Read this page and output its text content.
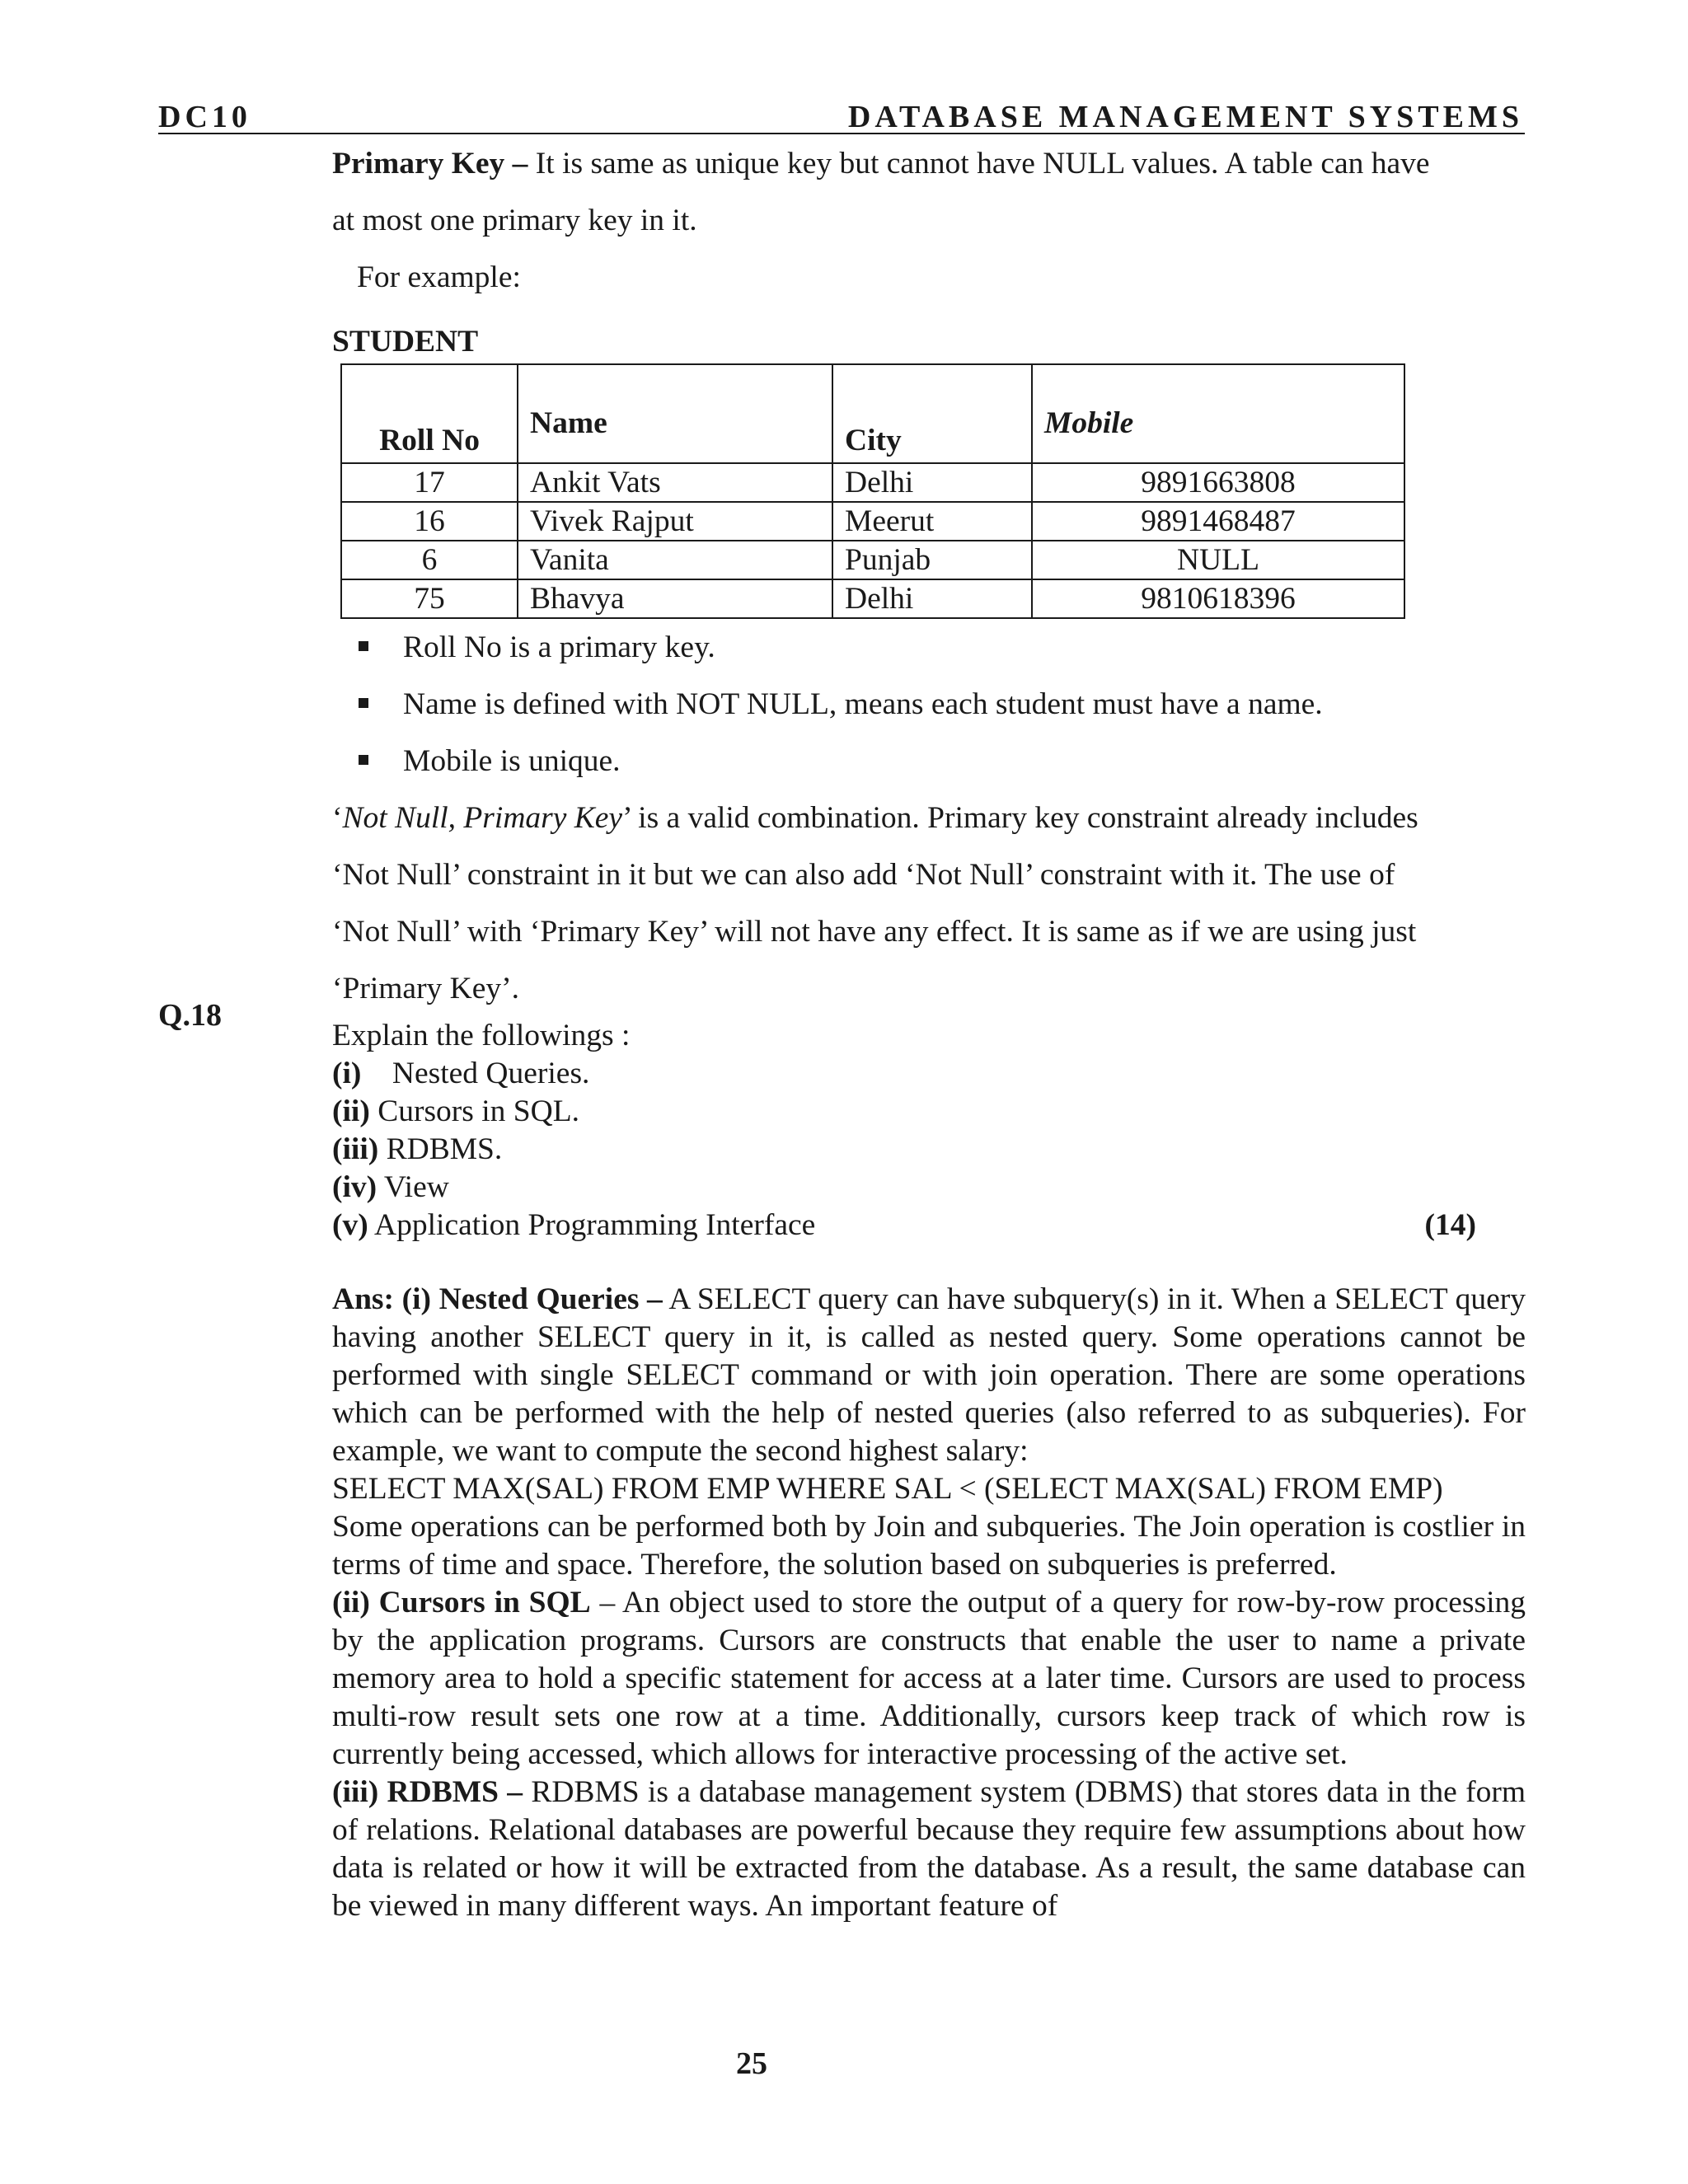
DC10	DATABASE MANAGEMENT SYSTEMS

Primary Key – It is same as unique key but cannot have NULL values. A table can have

at most one primary key in it.

For example:

STUDENT
Roll No	Name	City	Mobile
17	Ankit Vats	Delhi	9891663808
16	Vivek Rajput	Meerut	9891468487
6	Vanita	Punjab	NULL
75	Bhavya	Delhi	9810618396
Roll No is a primary key.
Name is defined with NOT NULL, means each student must have a name.
Mobile is unique.

‘Not Null, Primary Key’ is a valid combination. Primary key constraint already includes

‘Not Null’ constraint in it but we can also add ‘Not Null’ constraint with it. The use of

‘Not Null’ with ‘Primary Key’ will not have any effect. It is same as if we are using just

‘Primary Key’.

Explain the followings :
(i) Nested Queries.
(ii) Cursors in SQL.
(iii) RDBMS.
(iv) View
(v) Application Programming Interface	(14)

Ans: (i) Nested Queries – A SELECT query can have subquery(s) in it. When a SELECT query having another SELECT query in it, is called as nested query. Some operations cannot be performed with single SELECT command or with join operation. There are some operations which can be performed with the help of nested queries (also referred to as subqueries). For example, we want to compute the second highest salary:

SELECT MAX(SAL) FROM EMP WHERE SAL < (SELECT MAX(SAL) FROM EMP)

Some operations can be performed both by Join and subqueries. The Join operation is costlier in terms of time and space. Therefore, the solution based on subqueries is preferred.

(ii) Cursors in SQL – An object used to store the output of a query for row-by-row processing by the application programs. Cursors are constructs that enable the user to name a private memory area to hold a specific statement for access at a later time. Cursors are used to process multi-row result sets one row at a time. Additionally, cursors keep track of which row is currently being accessed, which allows for interactive processing of the active set.

(iii) RDBMS – RDBMS is a database management system (DBMS) that stores data in the form of relations. Relational databases are powerful because they require few assumptions about how data is related or how it will be extracted from the database. As a result, the same database can be viewed in many different ways. An important feature of

Q.18
25
